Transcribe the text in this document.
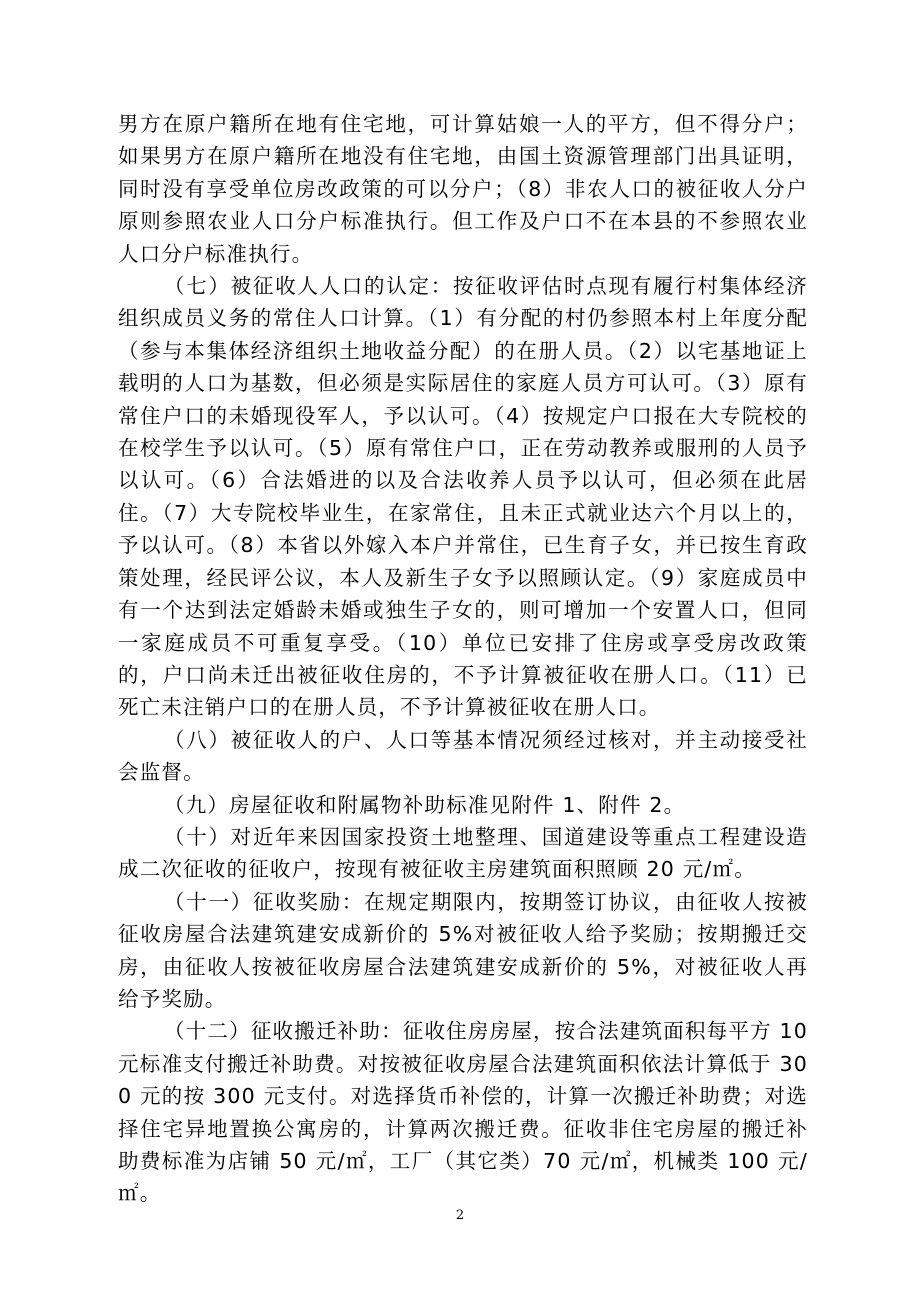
男方在原户籍所在地有住宅地，可计算姑娘一人的平方，但不得分户；如果男方在原户籍所在地没有住宅地，由国土资源管理部门出具证明，同时没有享受单位房改政策的可以分户；（8）非农人口的被征收人分户原则参照农业人口分户标准执行。但工作及户口不在本县的不参照农业人口分户标准执行。

（七）被征收人人口的认定：按征收评估时点现有履行村集体经济组织成员义务的常住人口计算。（1）有分配的村仍参照本村上年度分配（参与本集体经济组织土地收益分配）的在册人员。（2）以宅基地证上载明的人口为基数，但必须是实际居住的家庭人员方可认可。（3）原有常住户口的未婚现役军人，予以认可。（4）按规定户口报在大专院校的在校学生予以认可。（5）原有常住户口，正在劳动教养或服刑的人员予以认可。（6）合法婚进的以及合法收养人员予以认可，但必须在此居住。（7）大专院校毕业生，在家常住，且未正式就业达六个月以上的，予以认可。（8）本省以外嫁入本户并常住，已生育子女，并已按生育政策处理，经民评公议，本人及新生子女予以照顾认定。（9）家庭成员中有一个达到法定婚龄未婚或独生子女的，则可增加一个安置人口，但同一家庭成员不可重复享受。（10）单位已安排了住房或享受房改政策的，户口尚未迁出被征收住房的，不予计算被征收在册人口。（11）已死亡未注销户口的在册人员，不予计算被征收在册人口。

（八）被征收人的户、人口等基本情况须经过核对，并主动接受社会监督。

（九）房屋征收和附属物补助标准见附件 1、附件 2。

（十）对近年来因国家投资土地整理、国道建设等重点工程建设造成二次征收的征收户，按现有被征收主房建筑面积照顾 20 元/㎡。

（十一）征收奖励：在规定期限内，按期签订协议，由征收人按被征收房屋合法建筑建安成新价的 5%对被征收人给予奖励；按期搬迁交房，由征收人按被征收房屋合法建筑建安成新价的 5%，对被征收人再给予奖励。

（十二）征收搬迁补助：征收住房房屋，按合法建筑面积每平方 10 元标准支付搬迁补助费。对按被征收房屋合法建筑面积依法计算低于 300 元的按 300 元支付。对选择货币补偿的，计算一次搬迁补助费；对选择住宅异地置换公寓房的，计算两次搬迁费。征收非住宅房屋的搬迁补助费标准为店铺 50 元/㎡，工厂（其它类）70 元/㎡，机械类 100 元/㎡。

2
